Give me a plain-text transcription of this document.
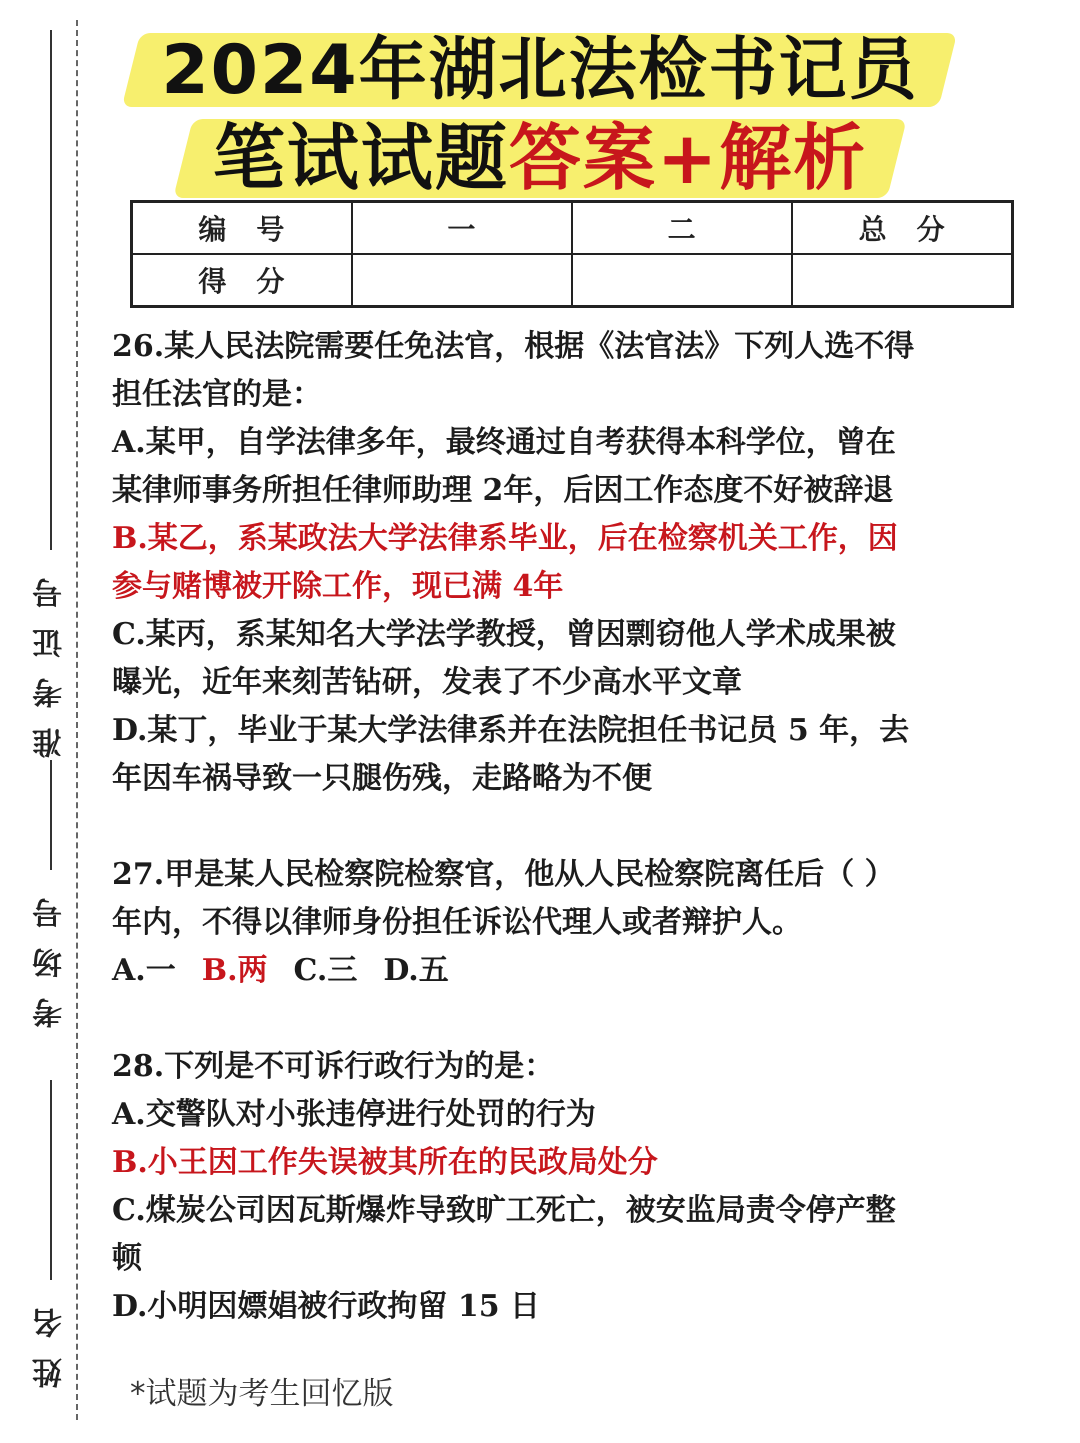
准考证号
考场号
姓名
2024年湖北法检书记员
笔试试题答案+解析
编号	一	二	总分
得分			

26.某人民法院需要任免法官，根据《法官法》下列人选不得

担任法官的是：

A.某甲，自学法律多年，最终通过自考获得本科学位，曾在

某律师事务所担任律师助理 2年，后因工作态度不好被辞退

B.某乙，系某政法大学法律系毕业，后在检察机关工作，因

参与赌博被开除工作，现已满 4年

C.某丙，系某知名大学法学教授，曾因剽窃他人学术成果被

曝光，近年来刻苦钻研，发表了不少高水平文章

D.某丁，毕业于某大学法律系并在法院担任书记员 5 年，去

年因车祸导致一只腿伤残，走路略为不便

27.甲是某人民检察院检察官，他从人民检察院离任后（ ）

年内，不得以律师身份担任诉讼代理人或者辩护人。

A.一 B.两 C.三 D.五

28.下列是不可诉行政行为的是：

A.交警队对小张违停进行处罚的行为

B.小王因工作失误被其所在的民政局处分

C.煤炭公司因瓦斯爆炸导致旷工死亡，被安监局责令停产整

顿

D.小明因嫖娼被行政拘留 15 日

*试题为考生回忆版
